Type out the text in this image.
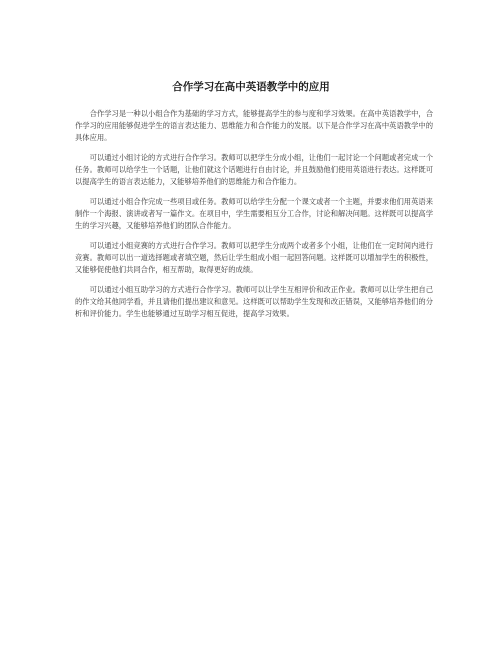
合作学习在高中英语教学中的应用

合作学习是一种以小组合作为基础的学习方式，能够提高学生的参与度和学习效果。在高中英语教学中，合作学习的应用能够促进学生的语言表达能力、思维能力和合作能力的发展。以下是合作学习在高中英语教学中的具体应用。

可以通过小组讨论的方式进行合作学习。教师可以把学生分成小组，让他们一起讨论一个问题或者完成一个任务。教师可以给学生一个话题，让他们就这个话题进行自由讨论，并且鼓励他们使用英语进行表达。这样既可以提高学生的语言表达能力，又能够培养他们的思维能力和合作能力。

可以通过小组合作完成一些项目或任务。教师可以给学生分配一个课文或者一个主题，并要求他们用英语来制作一个海报、演讲或者写一篇作文。在项目中，学生需要相互分工合作，讨论和解决问题。这样既可以提高学生的学习兴趣，又能够培养他们的团队合作能力。

可以通过小组竞赛的方式进行合作学习。教师可以把学生分成两个或者多个小组，让他们在一定时间内进行竞赛。教师可以出一道选择题或者填空题，然后让学生组成小组一起回答问题。这样既可以增加学生的积极性，又能够促使他们共同合作，相互帮助，取得更好的成绩。

可以通过小组互助学习的方式进行合作学习。教师可以让学生互相评价和改正作业。教师可以让学生把自己的作文给其他同学看，并且请他们提出建议和意见。这样既可以帮助学生发现和改正错误，又能够培养他们的分析和评价能力。学生也能够通过互助学习相互促进，提高学习效果。
